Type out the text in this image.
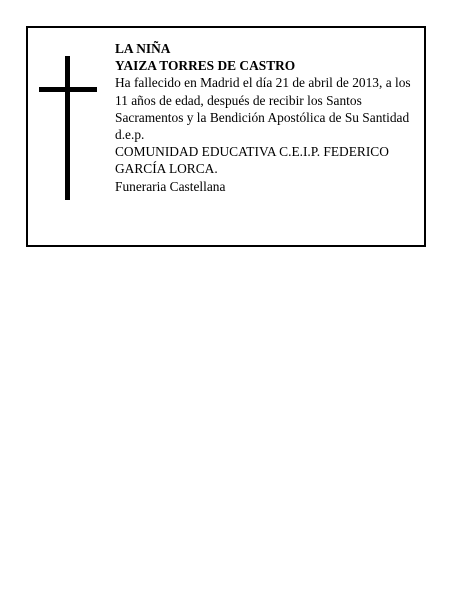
LA NIÑA
YAIZA TORRES DE CASTRO
Ha fallecido en Madrid el día 21 de abril de 2013, a los 11 años de edad, después de recibir los Santos Sacramentos y la Bendición Apostólica de Su Santidad
d.e.p.
COMUNIDAD EDUCATIVA C.E.I.P. FEDERICO GARCÍA LORCA.
Funeraria Castellana
